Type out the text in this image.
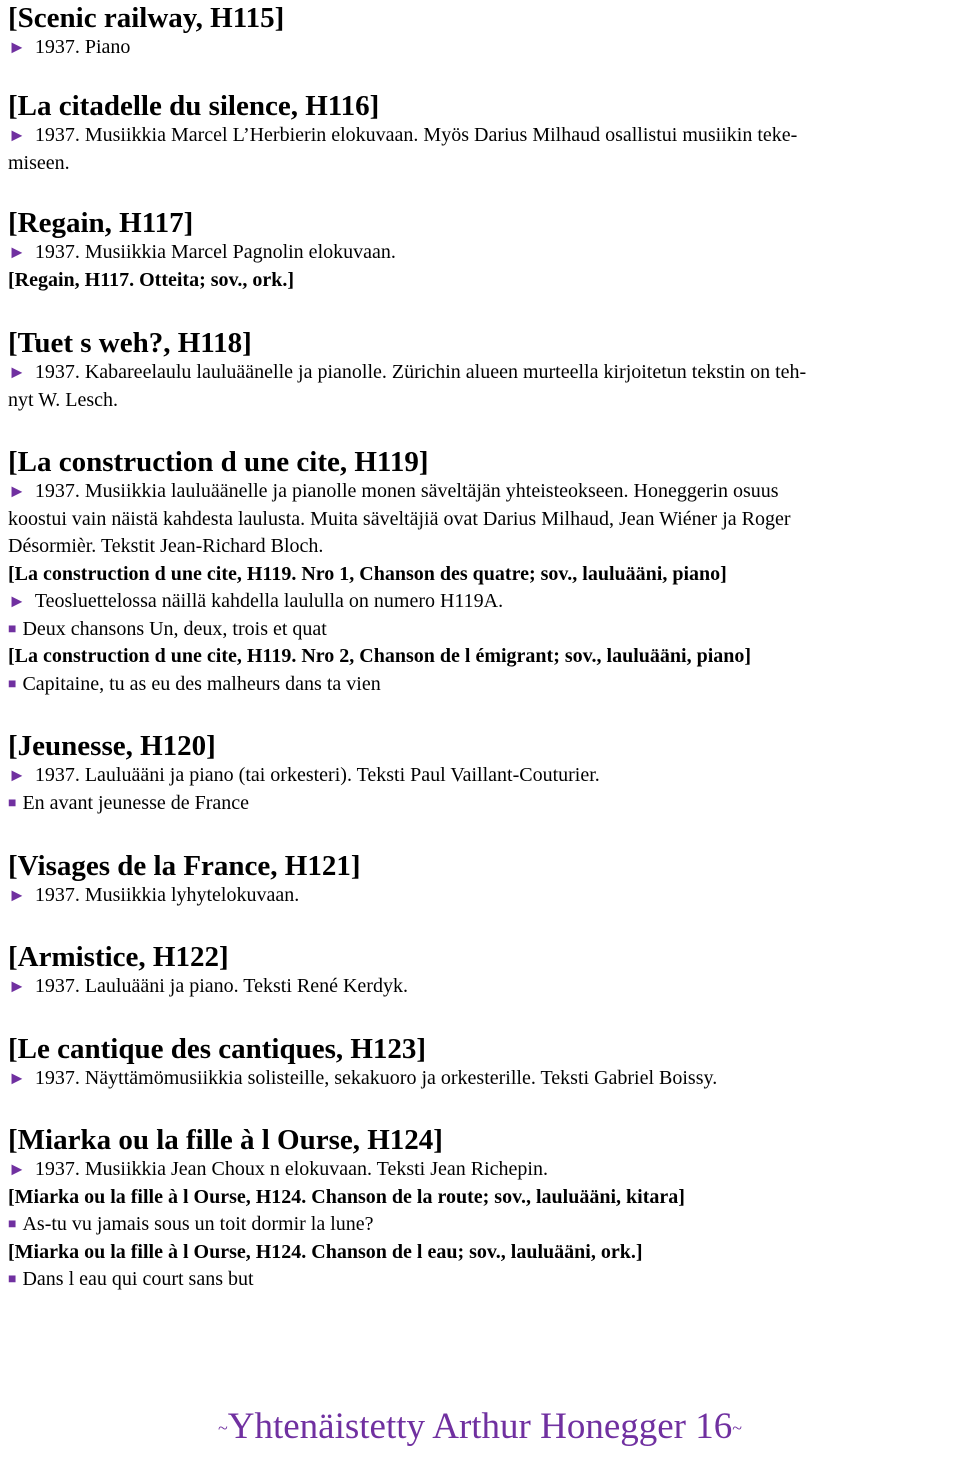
[Scenic railway, H115]
► 1937. Piano
[La citadelle du silence, H116]
► 1937. Musiikkia Marcel L’Herbierin elokuvaan. Myös Darius Milhaud osallistui musiikin teke-
miseen.
[Regain, H117]
► 1937. Musiikkia Marcel Pagnolin elokuvaan.
[Regain, H117. Otteita; sov., ork.]
[Tuet s weh?, H118]
► 1937. Kabareelaulu lauluäänelle ja pianolle. Zürichin alueen murteella kirjoitetun tekstin on teh-
nyt W. Lesch.
[La construction d une cite, H119]
► 1937. Musiikkia lauluäänelle ja pianolle monen säveltäjän yhteisteokseen. Honeggerin osuus
koostui vain näistä kahdesta laulusta. Muita säveltäjiä ovat Darius Milhaud, Jean Wiéner ja Roger
Désormièr. Tekstit Jean-Richard Bloch.
[La construction d une cite, H119. Nro 1, Chanson des quatre; sov., lauluääni, piano]
► Teosluettelossa näillä kahdella laululla on numero H119A.
■ Deux chansons Un, deux, trois et quat
[La construction d une cite, H119. Nro 2, Chanson de l émigrant; sov., lauluääni, piano]
■ Capitaine, tu as eu des malheurs dans ta vien
[Jeunesse, H120]
► 1937. Lauluääni ja piano (tai orkesteri). Teksti Paul Vaillant-Couturier.
■ En avant jeunesse de France
[Visages de la France, H121]
► 1937. Musiikkia lyhytelokuvaan.
[Armistice, H122]
► 1937. Lauluääni ja piano. Teksti René Kerdyk.
[Le cantique des cantiques, H123]
► 1937. Näyttämömusiikkia solisteille, sekakuoro ja orkesterille. Teksti Gabriel Boissy.
[Miarka ou la fille à l Ourse, H124]
► 1937. Musiikkia Jean Choux n elokuvaan. Teksti Jean Richepin.
[Miarka ou la fille à l Ourse, H124. Chanson de la route; sov., lauluääni, kitara]
■ As-tu vu jamais sous un toit dormir la lune?
[Miarka ou la fille à l Ourse, H124. Chanson de l eau; sov., lauluääni, ork.]
■ Dans l eau qui court sans but
~Yhtenäistetty Arthur Honegger 16~
